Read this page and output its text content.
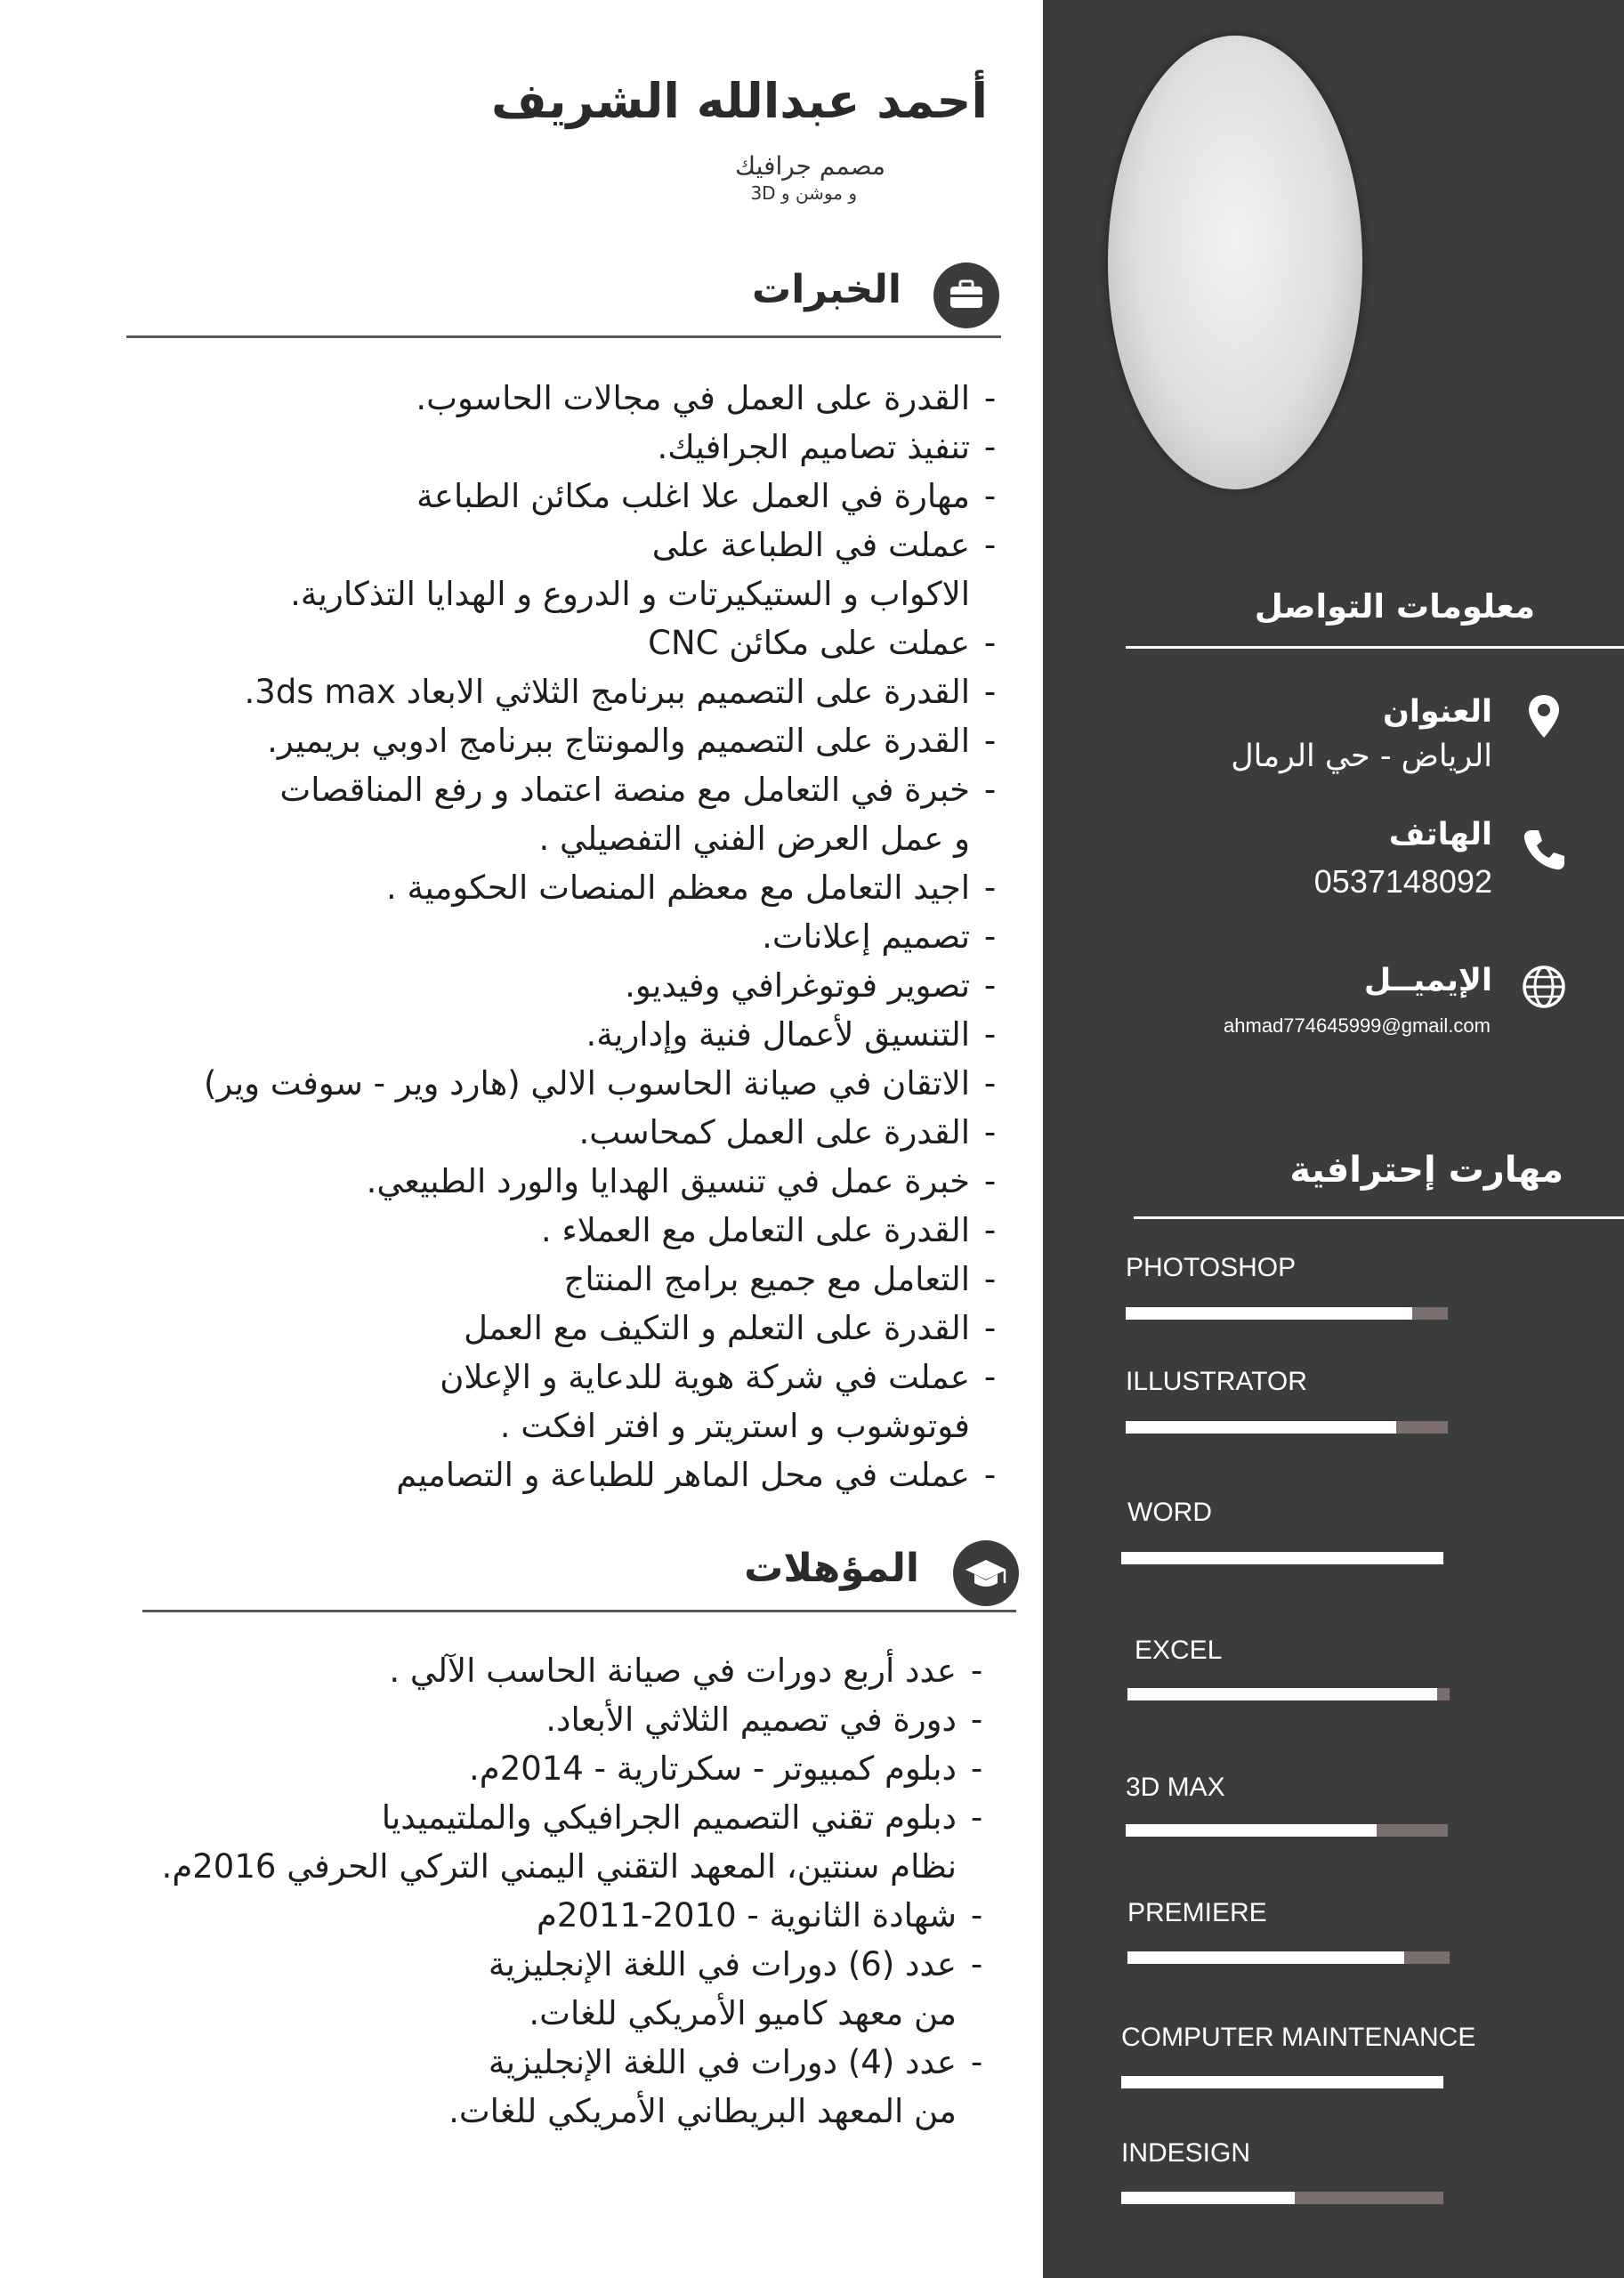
أحمد عبدالله الشريف
مصمم جرافيك
و موشن و 3D
الخبرات
-
القدرة على العمل في مجالات الحاسوب.
-
تنفيذ تصاميم الجرافيك.
-
مهارة في العمل علا اغلب مكائن الطباعة
-
عملت في الطباعة على
الاكواب و الستيكيرتات و الدروع و الهدايا التذكارية.
-
عملت على مكائن CNC
-
القدرة على التصميم ببرنامج الثلاثي الابعاد 3ds max.
-
القدرة على التصميم والمونتاج ببرنامج ادوبي بريمير.
-
خبرة في التعامل مع منصة اعتماد و رفع المناقصات
و عمل العرض الفني التفصيلي .
-
اجيد التعامل مع معظم المنصات الحكومية .
-
تصميم إعلانات.
-
تصوير فوتوغرافي وفيديو.
-
التنسيق لأعمال فنية وإدارية.
-
الاتقان في صيانة الحاسوب الالي (هارد وير - سوفت وير)
-
القدرة على العمل كمحاسب.
-
خبرة عمل في تنسيق الهدايا والورد الطبيعي.
-
القدرة على التعامل مع العملاء .
-
التعامل مع جميع برامج المنتاج
-
القدرة على التعلم و التكيف مع العمل
-
عملت في شركة هوية للدعاية و الإعلان
فوتوشوب و استريتر و افتر افكت .
-
عملت في محل الماهر للطباعة و التصاميم
المؤهلات
-
عدد أربع دورات في صيانة الحاسب الآلي .
-
دورة في تصميم الثلاثي الأبعاد.
-
دبلوم كمبيوتر - سكرتارية - 2014م.
-
دبلوم تقني التصميم الجرافيكي والملتيميديا
نظام سنتين، المعهد التقني اليمني التركي الحرفي 2016م.
-
شهادة الثانوية - 2010-2011م
-
عدد (6) دورات في اللغة الإنجليزية
من معهد كاميو الأمريكي للغات.
-
عدد (4) دورات في اللغة الإنجليزية
من المعهد البريطاني الأمريكي للغات.
معلومات التواصل
العنوان
الرياض - حي الرمال
الهاتف
0537148092
الإيميــل
ahmad774645999@gmail.com
مهارت إحترافية
PHOTOSHOP
ILLUSTRATOR
WORD
EXCEL
3D MAX
PREMIERE
COMPUTER MAINTENANCE
INDESIGN
